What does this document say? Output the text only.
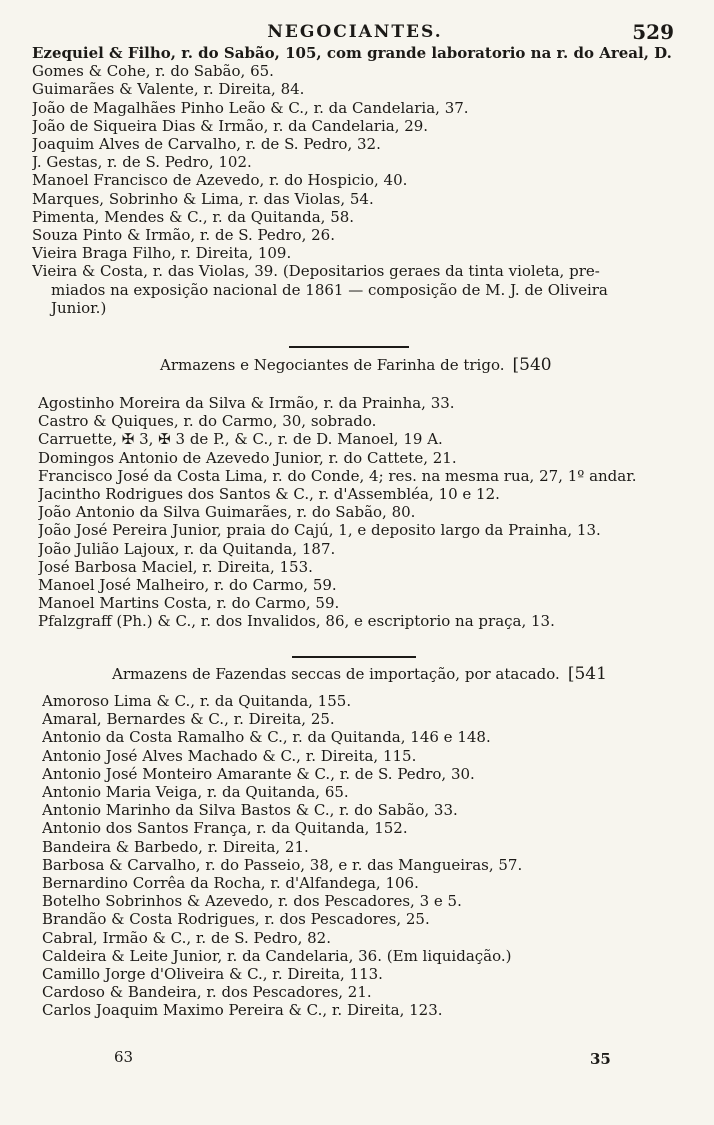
NEGOCIANTES.	529
Ezequiel & Filho, r. do Sabão, 105, com grande laboratorio na r. do Areal, D.
Gomes & Cohe, r. do Sabão, 65.
Guimarães & Valente, r. Direita, 84.
João de Magalhães Pinho Leão & C., r. da Candelaria, 37.
João de Siqueira Dias & Irmão, r. da Candelaria, 29.
Joaquim Alves de Carvalho, r. de S. Pedro, 32.
J. Gestas, r. de S. Pedro, 102.
Manoel Francisco de Azevedo, r. do Hospicio, 40.
Marques, Sobrinho & Lima, r. das Violas, 54.
Pimenta, Mendes & C., r. da Quitanda, 58.
Souza Pinto & Irmão, r. de S. Pedro, 26.
Vieira Braga Filho, r. Direita, 109.
Vieira & Costa, r. das Violas, 39. (Depositarios geraes da tinta violeta, pre-
miados na exposição nacional de 1861 — composição de M. J. de Oliveira
Junior.)
Armazens e Negociantes de Farinha de trigo. [540
Agostinho Moreira da Silva & Irmão, r. da Prainha, 33.
Castro & Quiques, r. do Carmo, 30, sobrado.
Carruette, ✠ 3, ✠ 3 de P., & C., r. de D. Manoel, 19 A.
Domingos Antonio de Azevedo Junior, r. do Cattete, 21.
Francisco José da Costa Lima, r. do Conde, 4; res. na mesma rua, 27, 1º andar.
Jacintho Rodrigues dos Santos & C., r. d'Assembléa, 10 e 12.
João Antonio da Silva Guimarães, r. do Sabão, 80.
João José Pereira Junior, praia do Cajú, 1, e deposito largo da Prainha, 13.
João Julião Lajoux, r. da Quitanda, 187.
José Barbosa Maciel, r. Direita, 153.
Manoel José Malheiro, r. do Carmo, 59.
Manoel Martins Costa, r. do Carmo, 59.
Pfalzgraff (Ph.) & C., r. dos Invalidos, 86, e escriptorio na praça, 13.
Armazens de Fazendas seccas de importação, por atacado. [541
Amoroso Lima & C., r. da Quitanda, 155.
Amaral, Bernardes & C., r. Direita, 25.
Antonio da Costa Ramalho & C., r. da Quitanda, 146 e 148.
Antonio José Alves Machado & C., r. Direita, 115.
Antonio José Monteiro Amarante & C., r. de S. Pedro, 30.
Antonio Maria Veiga, r. da Quitanda, 65.
Antonio Marinho da Silva Bastos & C., r. do Sabão, 33.
Antonio dos Santos França, r. da Quitanda, 152.
Bandeira & Barbedo, r. Direita, 21.
Barbosa & Carvalho, r. do Passeio, 38, e r. das Mangueiras, 57.
Bernardino Corrêa da Rocha, r. d'Alfandega, 106.
Botelho Sobrinhos & Azevedo, r. dos Pescadores, 3 e 5.
Brandão & Costa Rodrigues, r. dos Pescadores, 25.
Cabral, Irmão & C., r. de S. Pedro, 82.
Caldeira & Leite Junior, r. da Candelaria, 36. (Em liquidação.)
Camillo Jorge d'Oliveira & C., r. Direita, 113.
Cardoso & Bandeira, r. dos Pescadores, 21.
Carlos Joaquim Maximo Pereira & C., r. Direita, 123.
63	35
